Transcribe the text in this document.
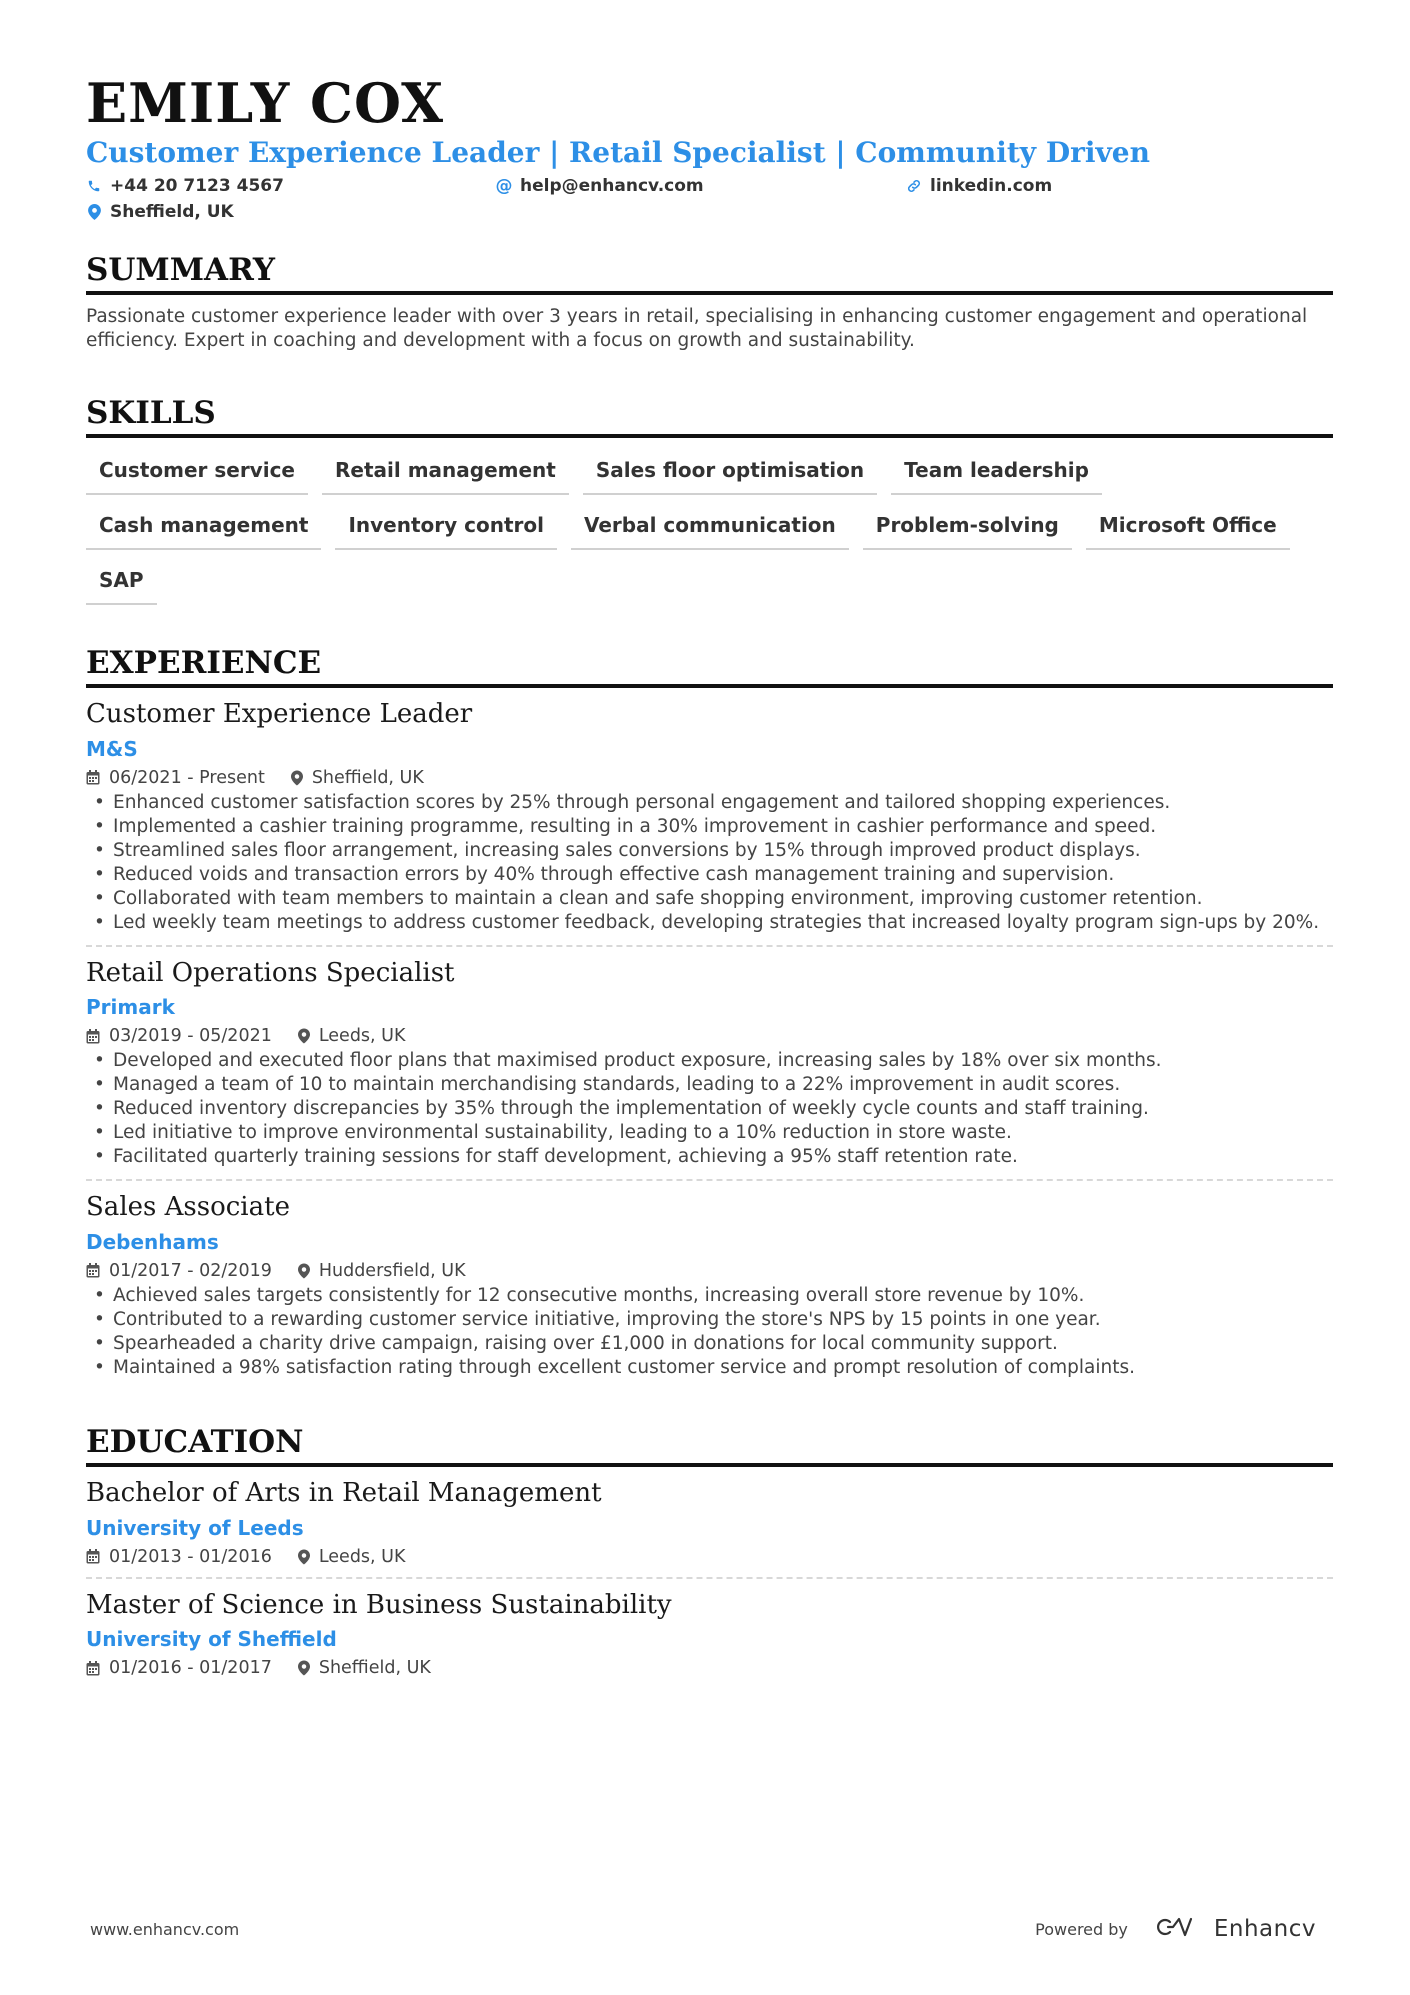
EMILY COX
Customer Experience Leader | Retail Specialist | Community Driven
+44 20 7123 4567	@ help@enhancv.com	linkedin.com
Sheffield, UK
SUMMARY
Passionate customer experience leader with over 3 years in retail, specialising in enhancing customer engagement and operational efficiency. Expert in coaching and development with a focus on growth and sustainability.
SKILLS
Customer service	Retail management	Sales floor optimisation	Team leadership
Cash management	Inventory control	Verbal communication	Problem-solving	Microsoft Office
SAP
EXPERIENCE
Customer Experience Leader
M&S
06/2021 - Present	Sheffield, UK
• Enhanced customer satisfaction scores by 25% through personal engagement and tailored shopping experiences.
• Implemented a cashier training programme, resulting in a 30% improvement in cashier performance and speed.
• Streamlined sales floor arrangement, increasing sales conversions by 15% through improved product displays.
• Reduced voids and transaction errors by 40% through effective cash management training and supervision.
• Collaborated with team members to maintain a clean and safe shopping environment, improving customer retention.
• Led weekly team meetings to address customer feedback, developing strategies that increased loyalty program sign-ups by 20%.
Retail Operations Specialist
Primark
03/2019 - 05/2021	Leeds, UK
• Developed and executed floor plans that maximised product exposure, increasing sales by 18% over six months.
• Managed a team of 10 to maintain merchandising standards, leading to a 22% improvement in audit scores.
• Reduced inventory discrepancies by 35% through the implementation of weekly cycle counts and staff training.
• Led initiative to improve environmental sustainability, leading to a 10% reduction in store waste.
• Facilitated quarterly training sessions for staff development, achieving a 95% staff retention rate.
Sales Associate
Debenhams
01/2017 - 02/2019	Huddersfield, UK
• Achieved sales targets consistently for 12 consecutive months, increasing overall store revenue by 10%.
• Contributed to a rewarding customer service initiative, improving the store's NPS by 15 points in one year.
• Spearheaded a charity drive campaign, raising over £1,000 in donations for local community support.
• Maintained a 98% satisfaction rating through excellent customer service and prompt resolution of complaints.
EDUCATION
Bachelor of Arts in Retail Management
University of Leeds
01/2013 - 01/2016	Leeds, UK
Master of Science in Business Sustainability
University of Sheffield
01/2016 - 01/2017	Sheffield, UK
www.enhancv.com	Powered by	Enhancv
